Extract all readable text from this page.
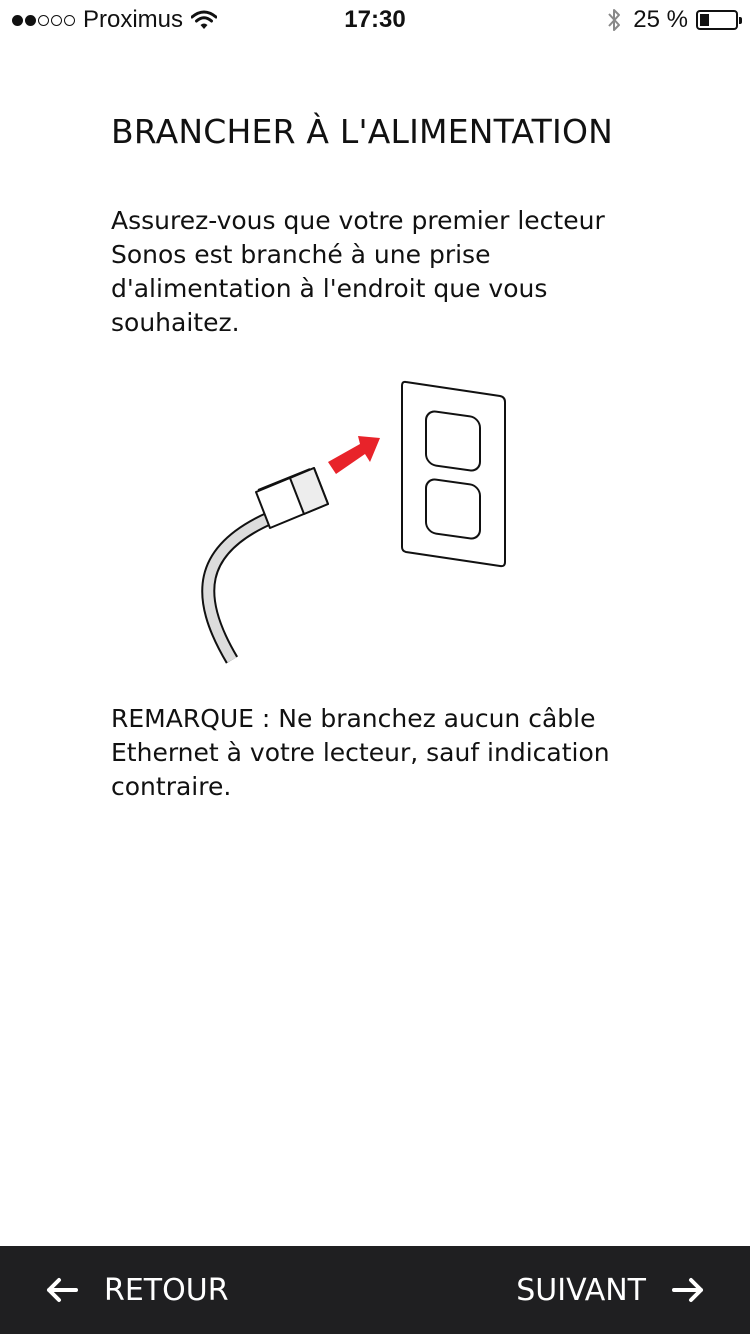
Proximus	17:30	25 %
BRANCHER À L'ALIMENTATION

Assurez-vous que votre premier lecteur Sonos est branché à une prise d'alimentation à l'endroit que vous souhaitez.

REMARQUE : Ne branchez aucun câble Ethernet à votre lecteur, sauf indication contraire.

RETOUR	SUIVANT
